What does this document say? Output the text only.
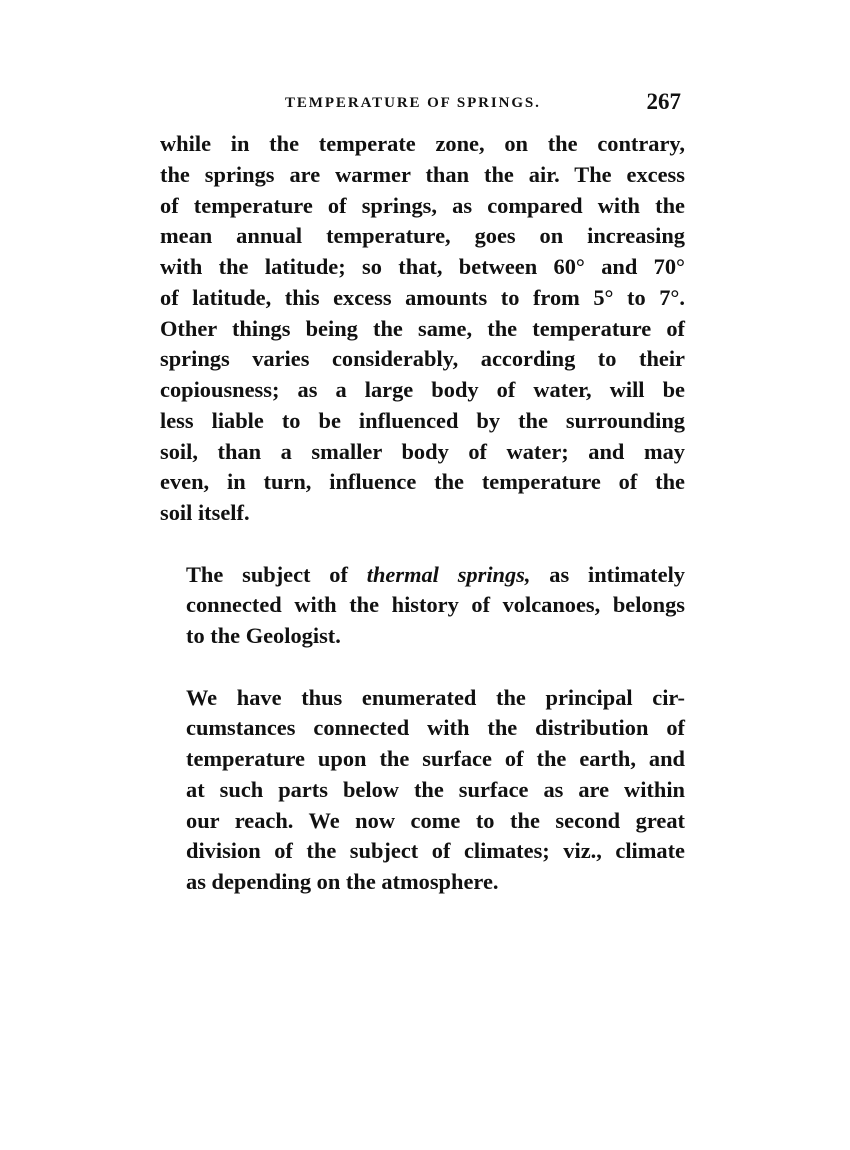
TEMPERATURE OF SPRINGS.	267

while in the temperate zone, on the contrary,
the springs are warmer than the air. The excess
of temperature of springs, as compared with the
mean annual temperature, goes on increasing
with the latitude; so that, between 60° and 70°
of latitude, this excess amounts to from 5° to 7°.
Other things being the same, the temperature of
springs varies considerably, according to their
copiousness; as a large body of water, will be
less liable to be influenced by the surrounding
soil, than a smaller body of water; and may
even, in turn, influence the temperature of the
soil itself.

The subject of thermal springs, as intimately
connected with the history of volcanoes, belongs
to the Geologist.

We have thus enumerated the principal cir-
cumstances connected with the distribution of
temperature upon the surface of the earth, and
at such parts below the surface as are within
our reach. We now come to the second great
division of the subject of climates; viz., climate
as depending on the atmosphere.
